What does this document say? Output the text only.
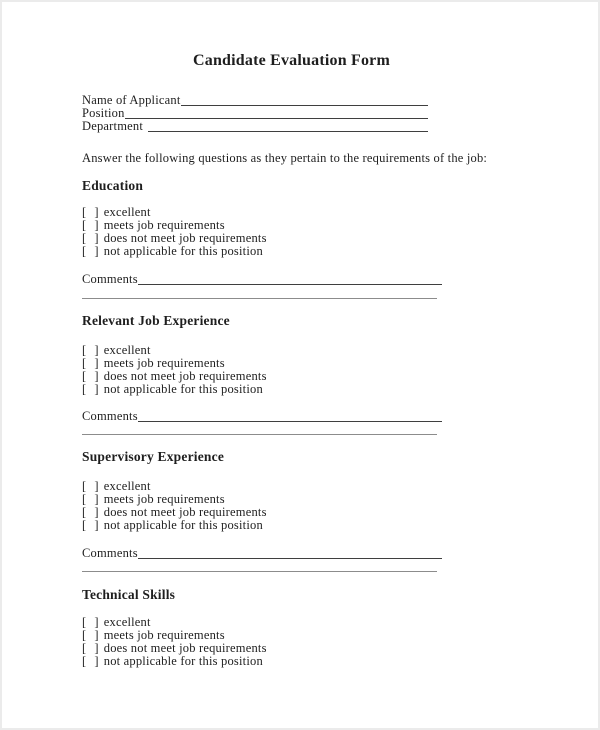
Candidate Evaluation Form
Name of Applicant
Position
Department
Answer the following questions as they pertain to the requirements of the job:
Education
[ ] excellent
[ ] meets job requirements
[ ] does not meet job requirements
[ ] not applicable for this position
Comments
Relevant Job Experience
[ ] excellent
[ ] meets job requirements
[ ] does not meet job requirements
[ ] not applicable for this position
Comments
Supervisory Experience
[ ] excellent
[ ] meets job requirements
[ ] does not meet job requirements
[ ] not applicable for this position
Comments
Technical Skills
[ ] excellent
[ ] meets job requirements
[ ] does not meet job requirements
[ ] not applicable for this position
